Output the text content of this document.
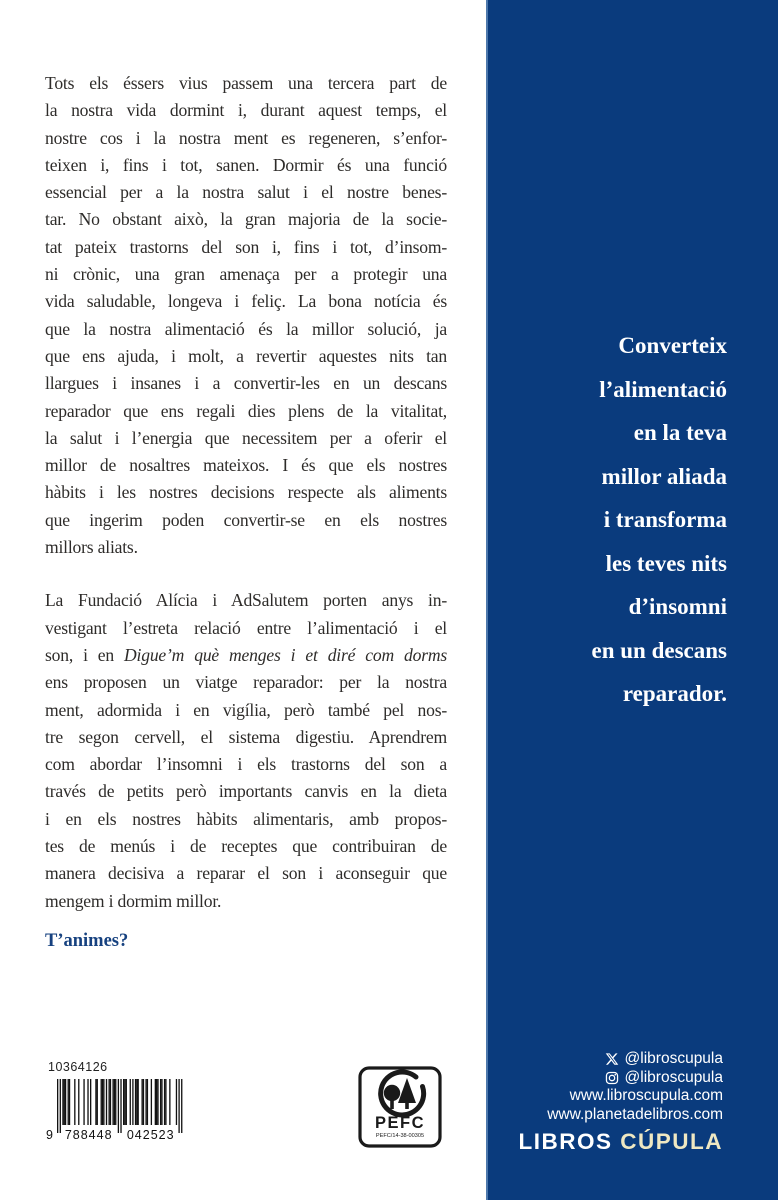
Converteix
l’alimentació
en la teva
millor aliada
i transforma
les teves nits
d’insomni
en un descans
reparador.
@libroscupula
@libroscupula
www.libroscupula.com
www.planetadelibros.com
LIBROS CÚPULA
Tots els éssers vius passem una tercera part de
la nostra vida dormint i, durant aquest temps, el
nostre cos i la nostra ment es regeneren, s’enfor-
teixen i, fins i tot, sanen. Dormir és una funció
essencial per a la nostra salut i el nostre benes-
tar. No obstant això, la gran majoria de la socie-
tat pateix trastorns del son i, fins i tot, d’insom-
ni crònic, una gran amenaça per a protegir una
vida saludable, longeva i feliç. La bona notícia és
que la nostra alimentació és la millor solució, ja
que ens ajuda, i molt, a revertir aquestes nits tan
llargues i insanes i a convertir-les en un descans
reparador que ens regali dies plens de la vitalitat,
la salut i l’energia que necessitem per a oferir el
millor de nosaltres mateixos. I és que els nostres
hàbits i les nostres decisions respecte als aliments
que ingerim poden convertir-se en els nostres
millors aliats.
La Fundació Alícia i AdSalutem porten anys in-
vestigant l’estreta relació entre l’alimentació i el
son, i en Digue’m què menges i et diré com dorms
ens proposen un viatge reparador: per la nostra
ment, adormida i en vigília, però també pel nos-
tre segon cervell, el sistema digestiu. Aprendrem
com abordar l’insomni i els trastorns del son a
través de petits però importants canvis en la dieta
i en els nostres hàbits alimentaris, amb propos-
tes de menús i de receptes que contribuiran de
manera decisiva a reparar el son i aconseguir que
mengem i dormim millor.
T’animes?
10364126
9 788448 042523
PEFC
PEFC/14-38-00305
